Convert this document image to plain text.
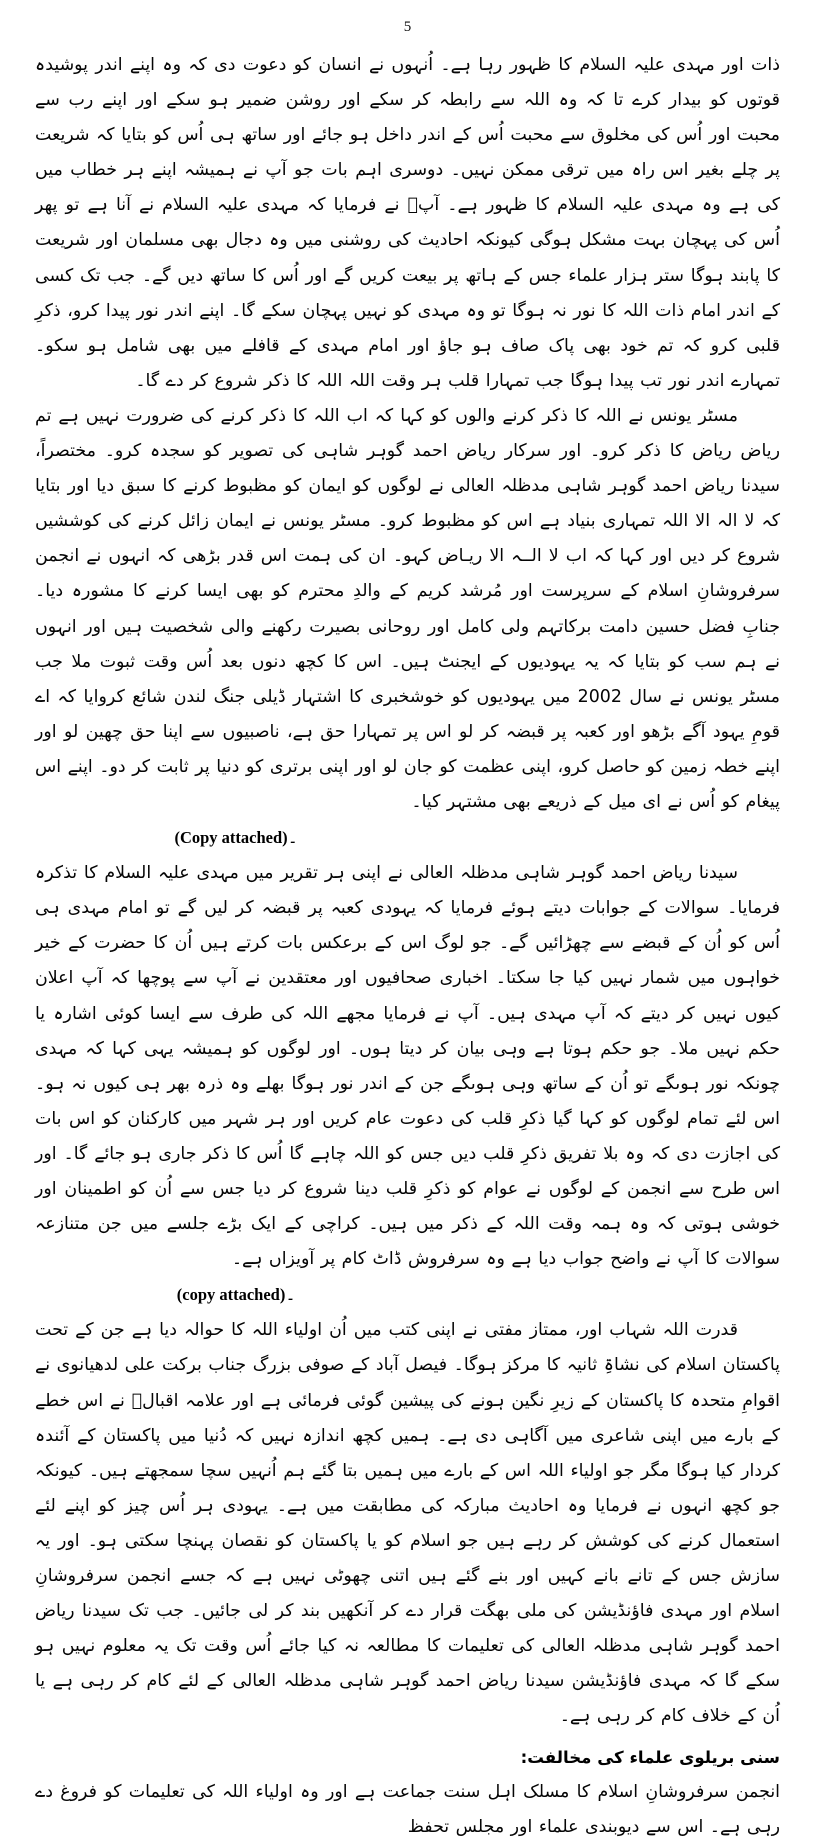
5

ذات اور مہدی علیہ السلام کا ظہور رہا ہے۔ اُنہوں نے انسان کو دعوت دی کہ وہ اپنے اندر پوشیدہ قوتوں کو بیدار کرے تا کہ وہ اللہ سے رابطہ کر سکے اور روشن ضمیر ہو سکے اور اپنے رب سے محبت اور اُس کی مخلوق سے محبت اُس کے اندر داخل ہو جائے اور ساتھ ہی اُس کو بتایا کہ شریعت پر چلے بغیر اس راہ میں ترقی ممکن نہیں۔ دوسری اہم بات جو آپ نے ہمیشہ اپنے ہر خطاب میں کی ہے وہ مہدی علیہ السلام کا ظہور ہے۔ آپؒ نے فرمایا کہ مہدی علیہ السلام نے آنا ہے تو پھر اُس کی پہچان بہت مشکل ہوگی کیونکہ احادیث کی روشنی میں وہ دجال بھی مسلمان اور شریعت کا پابند ہوگا ستر ہزار علماء جس کے ہاتھ پر بیعت کریں گے اور اُس کا ساتھ دیں گے۔ جب تک کسی کے اندر امام ذات اللہ کا نور نہ ہوگا تو وہ مہدی کو نہیں پہچان سکے گا۔ اپنے اندر نور پیدا کرو، ذکرِ قلبی کرو کہ تم خود بھی پاک صاف ہو جاؤ اور امام مہدی کے قافلے میں بھی شامل ہو سکو۔ تمہارے اندر نور تب پیدا ہوگا جب تمہارا قلب ہر وقت اللہ اللہ کا ذکر شروع کر دے گا۔

مسٹر یونس نے اللہ کا ذکر کرنے والوں کو کہا کہ اب اللہ کا ذکر کرنے کی ضرورت نہیں ہے تم ریاض ریاض کا ذکر کرو۔ اور سرکار ریاض احمد گوہر شاہی کی تصویر کو سجدہ کرو۔ مختصراً، سیدنا ریاض احمد گوہر شاہی مدظلہ العالی نے لوگوں کو ایمان کو مظبوط کرنے کا سبق دیا اور بتایا کہ لا الہ الا اللہ تمہاری بنیاد ہے اس کو مظبوط کرو۔ مسٹر یونس نے ایمان زائل کرنے کی کوششیں شروع کر دیں اور کہا کہ اب لا الــہ الا ریـاض کہو۔ ان کی ہمت اس قدر بڑھی کہ انہوں نے انجمن سرفروشانِ اسلام کے سرپرست اور مُرشد کریم کے والدِ محترم کو بھی ایسا کرنے کا مشورہ دیا۔ جنابِ فضل حسین دامت برکاتہم ولی کامل اور روحانی بصیرت رکھنے والی شخصیت ہیں اور انہوں نے ہم سب کو بتایا کہ یہ یہودیوں کے ایجنٹ ہیں۔ اس کا کچھ دنوں بعد اُس وقت ثبوت ملا جب مسٹر یونس نے سال 2002 میں یہودیوں کو خوشخبری کا اشتہار ڈیلی جنگ لندن شائع کروایا کہ اے قومِ یہود آگے بڑھو اور کعبہ پر قبضہ کر لو اس پر تمہارا حق ہے، ناصبیوں سے اپنا حق چھین لو اور اپنے خطہ زمین کو حاصل کرو، اپنی عظمت کو جان لو اور اپنی برتری کو دنیا پر ثابت کر دو۔ اپنے اس پیغام کو اُس نے ای میل کے ذریعے بھی مشتہر کیا۔

(Copy attached)۔

سیدنا ریاض احمد گوہر شاہی مدظلہ العالی نے اپنی ہر تقریر میں مہدی علیہ السلام کا تذکرہ فرمایا۔ سوالات کے جوابات دیتے ہوئے فرمایا کہ یہودی کعبہ پر قبضہ کر لیں گے تو امام مہدی ہی اُس کو اُن کے قبضے سے چھڑائیں گے۔ جو لوگ اس کے برعکس بات کرتے ہیں اُن کا حضرت کے خیر خواہوں میں شمار نہیں کیا جا سکتا۔ اخباری صحافیوں اور معتقدین نے آپ سے پوچھا کہ آپ اعلان کیوں نہیں کر دیتے کہ آپ مہدی ہیں۔ آپ نے فرمایا مجھے اللہ کی طرف سے ایسا کوئی اشارہ یا حکم نہیں ملا۔ جو حکم ہوتا ہے وہی بیان کر دیتا ہوں۔ اور لوگوں کو ہمیشہ یہی کہا کہ مہدی چونکہ نور ہوںگے تو اُن کے ساتھ وہی ہوںگے جن کے اندر نور ہوگا بھلے وہ ذرہ بھر ہی کیوں نہ ہو۔ اس لئے تمام لوگوں کو کہا گیا ذکرِ قلب کی دعوت عام کریں اور ہر شہر میں کارکنان کو اس بات کی اجازت دی کہ وہ بلا تفریق ذکرِ قلب دیں جس کو اللہ چاہے گا اُس کا ذکر جاری ہو جائے گا۔ اور اس طرح سے انجمن کے لوگوں نے عوام کو ذکرِ قلب دینا شروع کر دیا جس سے اُن کو اطمینان اور خوشی ہوتی کہ وہ ہمہ وقت اللہ کے ذکر میں ہیں۔ کراچی کے ایک بڑے جلسے میں جن متنازعہ سوالات کا آپ نے واضح جواب دیا ہے وہ سرفروش ڈاٹ کام پر آویزاں ہے۔

(copy attached)۔

قدرت اللہ شہاب اور، ممتاز مفتی نے اپنی کتب میں اُن اولیاء اللہ کا حوالہ دیا ہے جن کے تحت پاکستان اسلام کی نشاۃِ ثانیہ کا مرکز ہوگا۔ فیصل آباد کے صوفی بزرگ جناب برکت علی لدھیانوی نے اقوامِ متحدہ کا پاکستان کے زیرِ نگین ہونے کی پیشین گوئی فرمائی ہے اور علامہ اقبالؒ نے اس خطے کے بارے میں اپنی شاعری میں آگاہی دی ہے۔ ہمیں کچھ اندازہ نہیں کہ دُنیا میں پاکستان کے آئندہ کردار کیا ہوگا مگر جو اولیاء اللہ اس کے بارے میں ہمیں بتا گئے ہم اُنہیں سچا سمجھتے ہیں۔ کیونکہ جو کچھ انہوں نے فرمایا وہ احادیث مبارکہ کی مطابقت میں ہے۔ یہودی ہر اُس چیز کو اپنے لئے استعمال کرنے کی کوشش کر رہے ہیں جو اسلام کو یا پاکستان کو نقصان پہنچا سکتی ہو۔ اور یہ سازش جس کے تانے بانے کہیں اور بنے گئے ہیں اتنی چھوٹی نہیں ہے کہ جسے انجمن سرفروشانِ اسلام اور مہدی فاؤنڈیشن کی ملی بھگت قرار دے کر آنکھیں بند کر لی جائیں۔ جب تک سیدنا ریاض احمد گوہر شاہی مدظلہ العالی کی تعلیمات کا مطالعہ نہ کیا جائے اُس وقت تک یہ معلوم نہیں ہو سکے گا کہ مہدی فاؤنڈیشن سیدنا ریاض احمد گوہر شاہی مدظلہ العالی کے لئے کام کر رہی ہے یا اُن کے خلاف کام کر رہی ہے۔

سنی بریلوی علماء کی مخالفت:

انجمن سرفروشانِ اسلام کا مسلک اہل سنت جماعت ہے اور وہ اولیاء اللہ کی تعلیمات کو فروغ دے رہی ہے۔ اس سے دیوبندی علماء اور مجلس تحفظ
